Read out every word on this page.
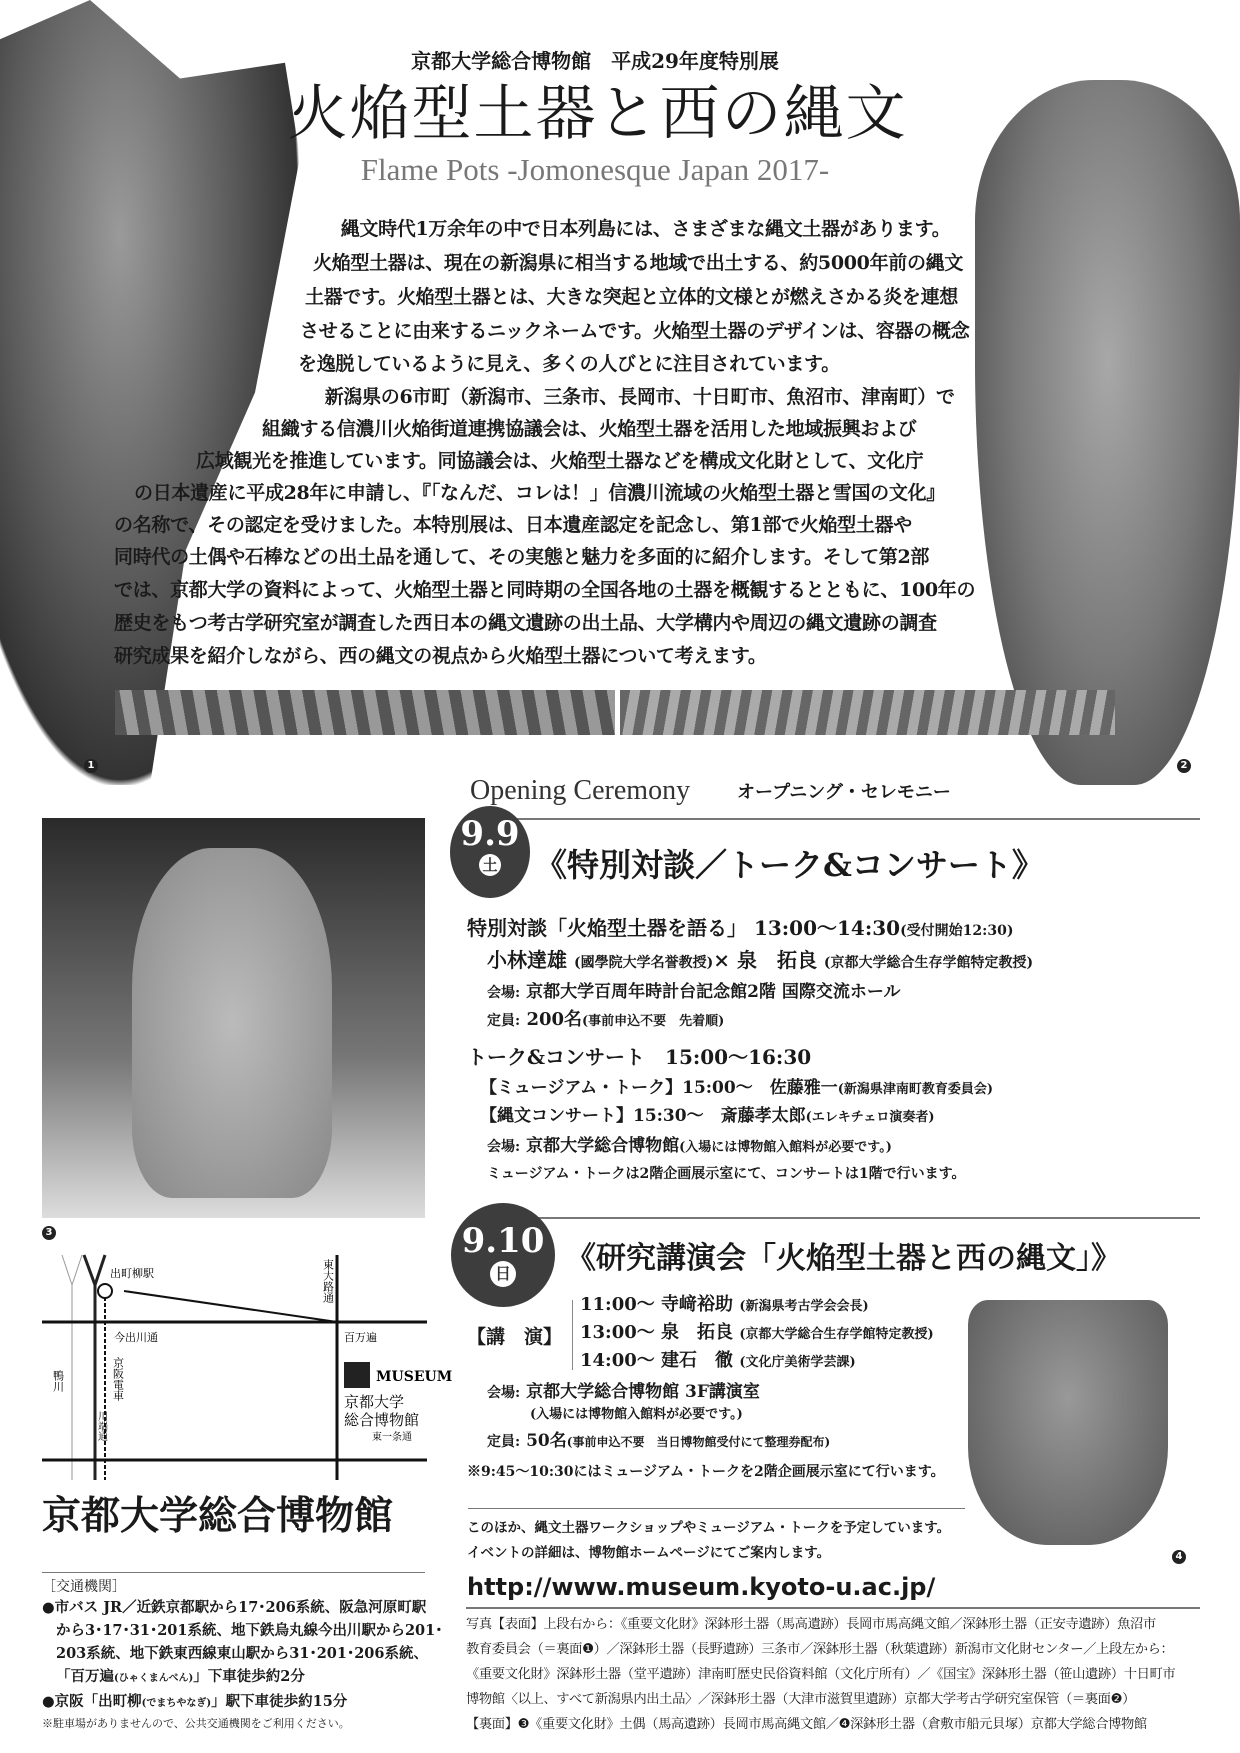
1	2
3
4
京都大学総合博物館　平成29年度特別展
火焔型土器と西の縄文
Flame Pots -Jomonesque Japan 2017-
　縄文時代1万余年の中で日本列島には、さまざまな縄文土器があります。
火焔型土器は、現在の新潟県に相当する地域で出土する、約5000年前の縄文
土器です。火焔型土器とは、大きな突起と立体的文様とが燃えさかる炎を連想
させることに由来するニックネームです。火焔型土器のデザインは、容器の概念
を逸脱しているように見え、多くの人びとに注目されています。
　新潟県の6市町（新潟市、三条市、長岡市、十日町市、魚沼市、津南町）で
組織する信濃川火焔街道連携協議会は、火焔型土器を活用した地域振興および
広域観光を推進しています。同協議会は、火焔型土器などを構成文化財として、文化庁
の日本遺産に平成28年に申請し、『「なんだ、コレは！」信濃川流域の火焔型土器と雪国の文化』
の名称で、その認定を受けました。本特別展は、日本遺産認定を記念し、第1部で火焔型土器や
同時代の土偶や石棒などの出土品を通して、その実態と魅力を多面的に紹介します。そして第2部
では、京都大学の資料によって、火焔型土器と同時期の全国各地の土器を概観するとともに、100年の
歴史をもつ考古学研究室が調査した西日本の縄文遺跡の出土品、大学構内や周辺の縄文遺跡の調査
研究成果を紹介しながら、西の縄文の視点から火焔型土器について考えます。
Opening Ceremony	オープニング・セレモニー
9.9
土	《特別対談／トーク&コンサート》
特別対談「火焔型土器を語る」 13:00〜14:30(受付開始12:30)
小林達雄 (國學院大学名誉教授)× 泉　拓良 (京都大学総合生存学館特定教授)
会場: 京都大学百周年時計台記念館2階 国際交流ホール
定員: 200名(事前申込不要　先着順)
トーク&コンサート　15:00〜16:30
【ミュージアム・トーク】15:00〜　佐藤雅一(新潟県津南町教育委員会)
【縄文コンサート】15:30〜　斎藤孝太郎(エレキチェロ演奏者)
会場: 京都大学総合博物館(入場には博物館入館料が必要です。)
ミュージアム・トークは2階企画展示室にて、コンサートは1階で行います。
9.10
日	《研究講演会「火焔型土器と西の縄文」》
【講　演】
11:00〜 寺﨑裕助 (新潟県考古学会会長)
13:00〜 泉　拓良 (京都大学総合生存学館特定教授)
14:00〜 建石　徹 (文化庁美術学芸課)
会場: 京都大学総合博物館 3F講演室
(入場には博物館入館料が必要です。)
定員: 50名(事前申込不要　当日博物館受付にて整理券配布)
※9:45〜10:30にはミュージアム・トークを2階企画展示室にて行います。
このほか、縄文土器ワークショップやミュージアム・トークを予定しています。
イベントの詳細は、博物館ホームページにてご案内します。
http://www.museum.kyoto-u.ac.jp/
写真【表面】上段右から：《重要文化財》深鉢形土器（馬高遺跡）長岡市馬高縄文館／深鉢形土器（正安寺遺跡）魚沼市
教育委員会（＝裏面❶）／深鉢形土器（長野遺跡）三条市／深鉢形土器（秋葉遺跡）新潟市文化財センター／上段左から：
《重要文化財》深鉢形土器（堂平遺跡）津南町歴史民俗資料館（文化庁所有）／《国宝》深鉢形土器（笹山遺跡）十日町市
博物館〈以上、すべて新潟県内出土品〉／深鉢形土器（大津市滋賀里遺跡）京都大学考古学研究室保管（＝裏面❷）
【裏面】❸《重要文化財》土偶（馬高遺跡）長岡市馬高縄文館／❹深鉢形土器（倉敷市船元貝塚）京都大学総合博物館
出町柳駅
今出川通	百万遍
東一条通
東大路通
京阪電車
鴨川
川端通
MUSEUM
京都大学
総合博物館
京都大学総合博物館
［交通機関］
●市バス JR／近鉄京都駅から17･206系統、阪急河原町駅
から3･17･31･201系統、地下鉄烏丸線今出川駅から201･
203系統、地下鉄東西線東山駅から31･201･206系統、
「百万遍(ひゃくまんべん)」下車徒歩約2分
●京阪「出町柳(でまちやなぎ)」駅下車徒歩約15分
※駐車場がありませんので、公共交通機関をご利用ください。
